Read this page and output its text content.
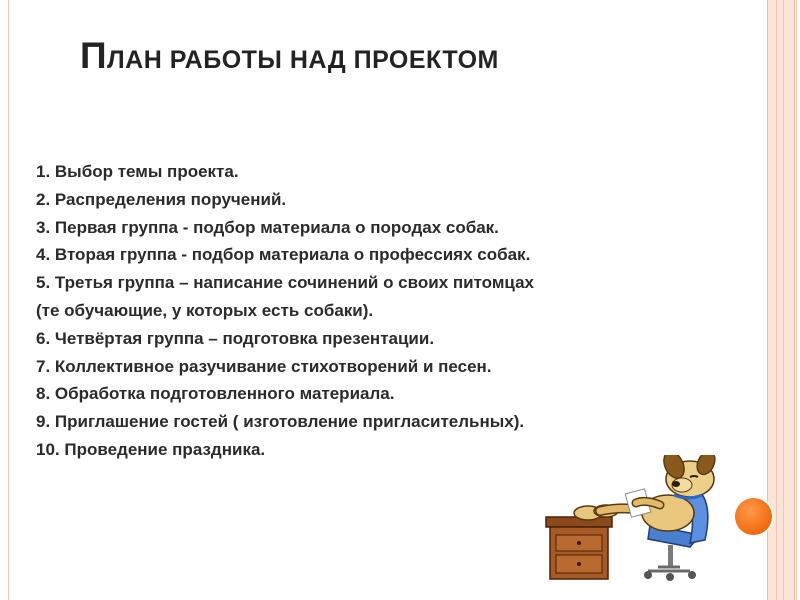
ПЛАН РАБОТЫ НАД ПРОЕКТОМ
1. Выбор темы проекта.
2. Распределения поручений.
3. Первая группа - подбор материала о породах собак.
4. Вторая группа - подбор материала о профессиях собак.
5. Третья группа – написание сочинений о своих питомцах
(те обучающие, у которых есть собаки).
6. Четвёртая группа – подготовка презентации.
7. Коллективное разучивание стихотворений и песен.
8. Обработка подготовленного материала.
9. Приглашение гостей ( изготовление пригласительных).
10. Проведение праздника.
